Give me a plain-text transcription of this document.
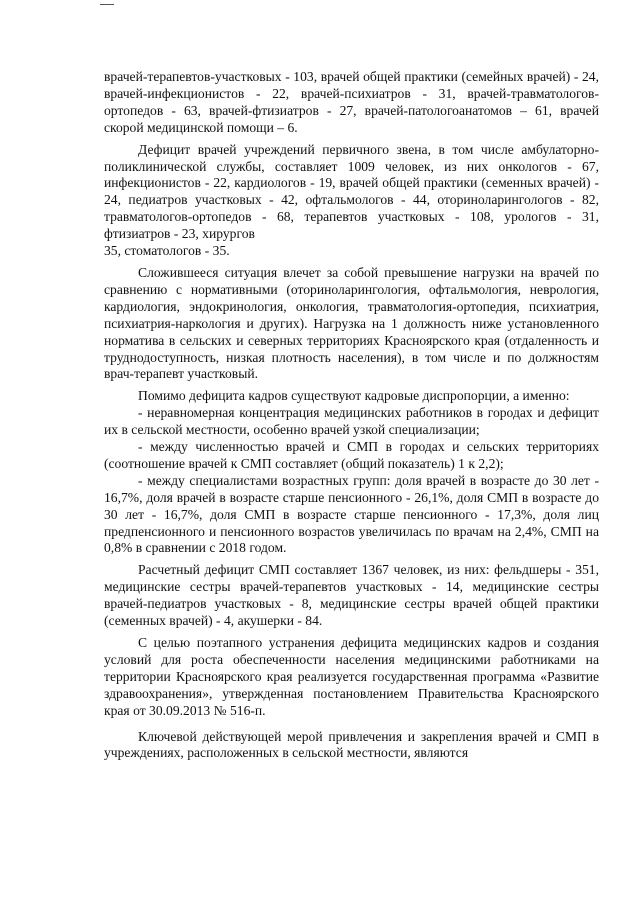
врачей-терапевтов-участковых - 103, врачей общей практики (семейных врачей) - 24, врачей-инфекционистов - 22, врачей-психиатров - 31, врачей-травматологов-ортопедов - 63, врачей-фтизиатров - 27, врачей-патологоанатомов – 61, врачей скорой медицинской помощи – 6.

Дефицит врачей учреждений первичного звена, в том числе амбулаторно-поликлинической службы, составляет 1009 человек, из них онкологов - 67, инфекционистов - 22, кардиологов - 19, врачей общей практики (семенных врачей) - 24, педиатров участковых - 42, офтальмологов - 44, оториноларингологов - 82, травматологов-ортопедов - 68, терапевтов участковых - 108, урологов - 31, фтизиатров - 23, хирургов

35, стоматологов - 35.

Сложившееся ситуация влечет за собой превышение нагрузки на врачей по сравнению с нормативными (оториноларингология, офтальмология, неврология, кардиология, эндокринология, онкология, травматология-ортопедия, психиатрия, психиатрия-наркология и других). Нагрузка на 1 должность ниже установленного норматива в сельских и северных территориях Красноярского края (отдаленность и труднодоступность, низкая плотность населения), в том числе и по должностям врач-терапевт участковый.

Помимо дефицита кадров существуют кадровые диспропорции, а именно:

- неравномерная концентрация медицинских работников в городах и дефицит их в сельской местности, особенно врачей узкой специализации;

- между численностью врачей и СМП в городах и сельских территориях (соотношение врачей к СМП составляет (общий показатель) 1 к 2,2);

- между специалистами возрастных групп: доля врачей в возрасте до 30 лет - 16,7%, доля врачей в возрасте старше пенсионного - 26,1%, доля СМП в возрасте до 30 лет - 16,7%, доля СМП в возрасте старше пенсионного - 17,3%, доля лиц предпенсионного и пенсионного возрастов увеличилась по врачам на 2,4%, СМП на 0,8% в сравнении с 2018 годом.

Расчетный дефицит СМП составляет 1367 человек, из них: фельдшеры - 351, медицинские сестры врачей-терапевтов участковых - 14, медицинские сестры врачей-педиатров участковых - 8, медицинские сестры врачей общей практики (семенных врачей) - 4, акушерки - 84.

С целью поэтапного устранения дефицита медицинских кадров и создания условий для роста обеспеченности населения медицинскими работниками на территории Красноярского края реализуется государственная программа «Развитие здравоохранения», утвержденная постановлением Правительства Красноярского края от 30.09.2013 № 516-п.

Ключевой действующей мерой привлечения и закрепления врачей и СМП в учреждениях, расположенных в сельской местности, являются
